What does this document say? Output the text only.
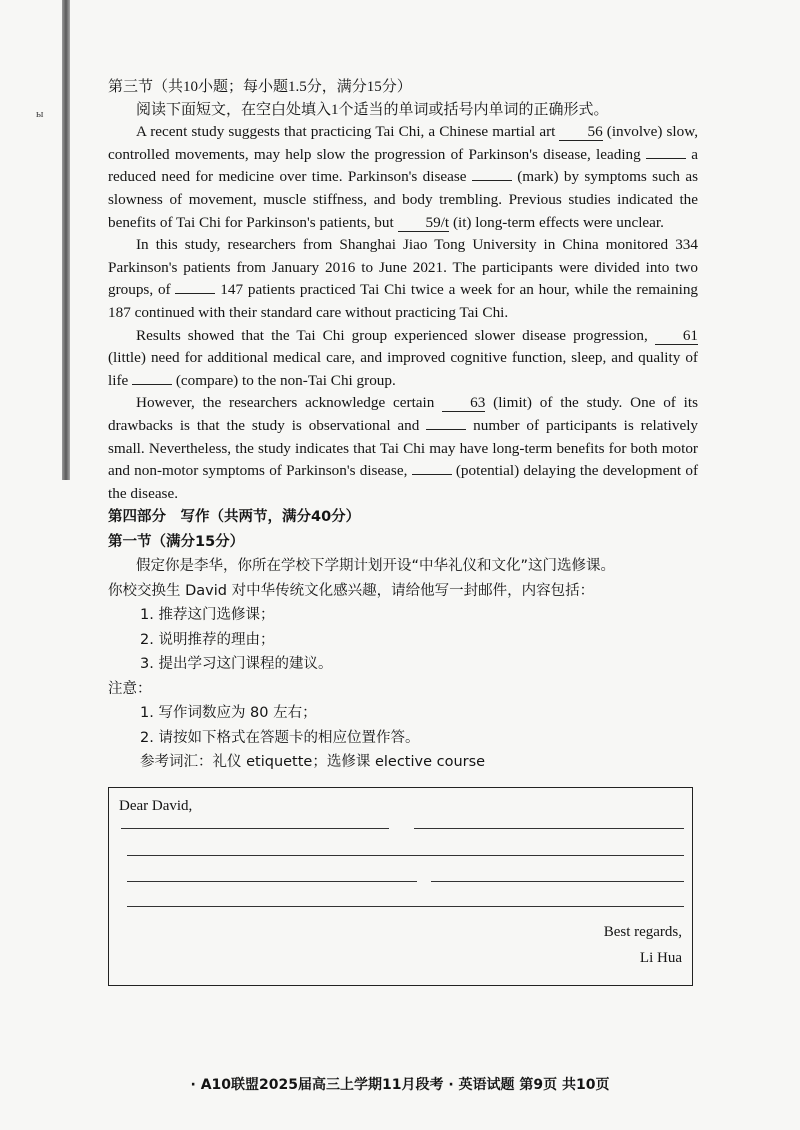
ы

第三节（共10小题；每小题1.5分，满分15分）

阅读下面短文，在空白处填入1个适当的单词或括号内单词的正确形式。

A recent study suggests that practicing Tai Chi, a Chinese martial art 56 (involve) slow, controlled movements, may help slow the progression of Parkinson's disease, leading	a reduced need for medicine over time. Parkinson's disease	(mark) by symptoms such as slowness of movement, muscle stiffness, and body trembling. Previous studies indicated the benefits of Tai Chi for Parkinson's patients, but 59/t (it) long-term effects were unclear.

In this study, researchers from Shanghai Jiao Tong University in China monitored 334 Parkinson's patients from January 2016 to June 2021. The participants were divided into two groups, of	147 patients practiced Tai Chi twice a week for an hour, while the remaining 187 continued with their standard care without practicing Tai Chi.

Results showed that the Tai Chi group experienced slower disease progression, 61 (little) need for additional medical care, and improved cognitive function, sleep, and quality of life	(compare) to the non-Tai Chi group.

However, the researchers acknowledge certain 63 (limit) of the study. One of its drawbacks is that the study is observational and	number of participants is relatively small. Nevertheless, the study indicates that Tai Chi may have long-term benefits for both motor and non-motor symptoms of Parkinson's disease,	(potential) delaying the development of the disease.

第四部分　写作（共两节，满分40分）

第一节（满分15分）

假定你是李华，你所在学校下学期计划开设“中华礼仪和文化”这门选修课。

你校交换生 David 对中华传统文化感兴趣，请给他写一封邮件，内容包括：

1. 推荐这门选修课；

2. 说明推荐的理由；

3. 提出学习这门课程的建议。

注意：

1. 写作词数应为 80 左右；

2. 请按如下格式在答题卡的相应位置作答。

参考词汇：礼仪 etiquette；选修课 elective course

Dear David,
Best regards,
Li Hua
· A10联盟2025届高三上学期11月段考 · 英语试题 第9页 共10页
